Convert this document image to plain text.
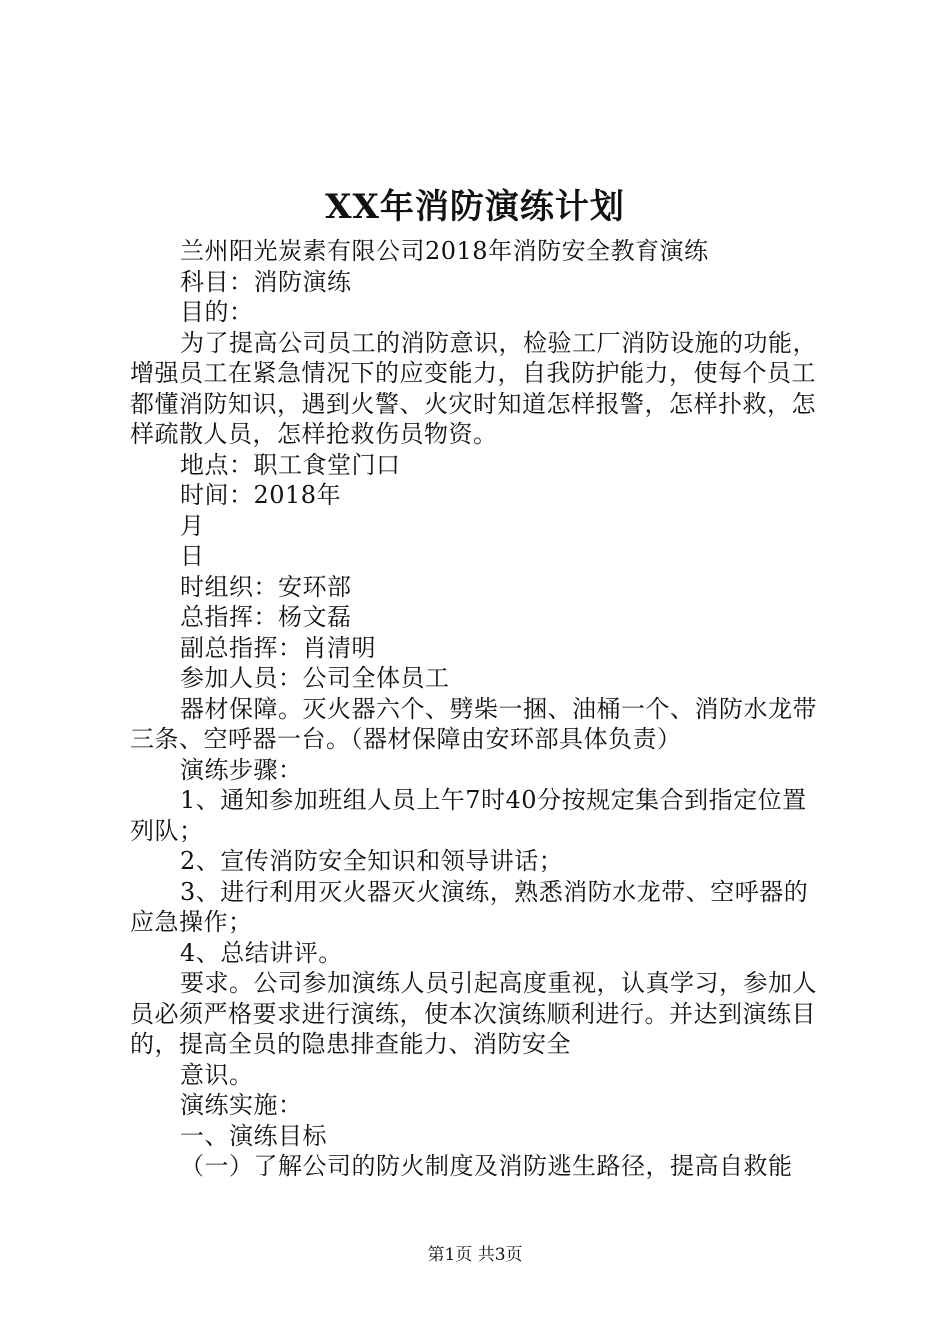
XX年消防演练计划

兰州阳光炭素有限公司2018年消防安全教育演练

科目：消防演练

目的：

为了提高公司员工的消防意识，检验工厂消防设施的功能，增强员工在紧急情况下的应变能力，自我防护能力，使每个员工都懂消防知识，遇到火警、火灾时知道怎样报警，怎样扑救，怎样疏散人员，怎样抢救伤员物资。

地点：职工食堂门口

时间：2018年

月

日

时组织：安环部

总指挥：杨文磊

副总指挥：肖清明

参加人员：公司全体员工

器材保障。灭火器六个、劈柴一捆、油桶一个、消防水龙带三条、空呼器一台。（器材保障由安环部具体负责）

演练步骤：

1、通知参加班组人员上午7时40分按规定集合到指定位置列队；

2、宣传消防安全知识和领导讲话；

3、进行利用灭火器灭火演练，熟悉消防水龙带、空呼器的应急操作；

4、总结讲评。

要求。公司参加演练人员引起高度重视，认真学习，参加人员必须严格要求进行演练，使本次演练顺利进行。并达到演练目的，提高全员的隐患排查能力、消防安全

意识。

演练实施：

一、演练目标

（一）了解公司的防火制度及消防逃生路径，提高自救能

第1页 共3页
